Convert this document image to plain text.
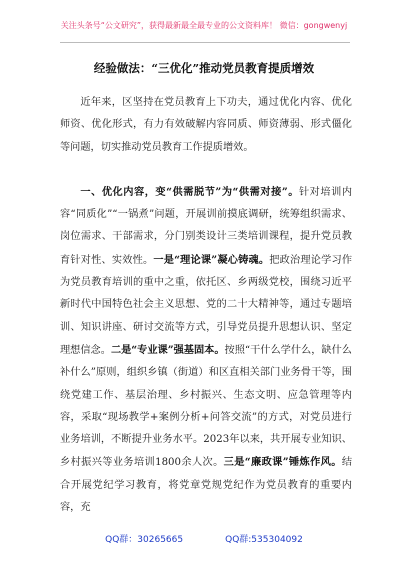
关注头条号“公文研究”，获得最新最全最专业的公文资料库！ 微信：gongwenyj
经验做法：“三优化”推动党员教育提质增效

近年来，区坚持在党员教育上下功夫，通过优化内容、优化师资、优化形式，有力有效破解内容同质、师资薄弱、形式僵化等问题，切实推动党员教育工作提质增效。

一、优化内容，变“供需脱节”为“供需对接”。针对培训内容“同质化”“一锅煮”问题，开展训前摸底调研，统筹组织需求、岗位需求、干部需求，分门别类设计三类培训课程，提升党员教育针对性、实效性。一是“理论课”凝心铸魂。把政治理论学习作为党员教育培训的重中之重，依托区、乡两级党校，围绕习近平新时代中国特色社会主义思想、党的二十大精神等，通过专题培训、知识讲座、研讨交流等方式，引导党员提升思想认识、坚定理想信念。二是“专业课”强基固本。按照“干什么学什么，缺什么补什么”原则，组织乡镇（街道）和区直相关部门业务骨干等，围绕党建工作、基层治理、乡村振兴、生态文明、应急管理等内容，采取“现场教学+案例分析+问答交流”的方式，对党员进行业务培训，不断提升业务水平。2023年以来，共开展专业知识、乡村振兴等业务培训1800余人次。三是“廉政课”锤炼作风。结合开展党纪学习教育，将党章党规党纪作为党员教育的重要内容，充

QQ群：30265665	QQ群:535304092
